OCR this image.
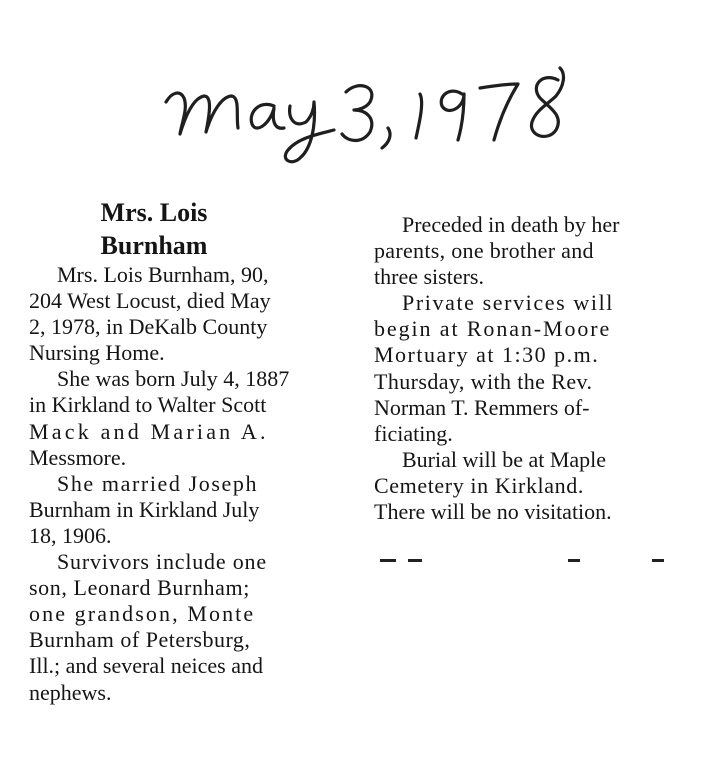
Mrs. Lois
Burnham
Mrs. Lois Burnham, 90,
204 West Locust, died May
2, 1978, in DeKalb County
Nursing Home.
She was born July 4, 1887
in Kirkland to Walter Scott
Mack and Marian A.
Messmore.
She married Joseph
Burnham in Kirkland July
18, 1906.
Survivors include one
son, Leonard Burnham;
one grandson, Monte
Burnham of Petersburg,
Ill.; and several neices and
nephews.
Preceded in death by her
parents, one brother and
three sisters.
Private services will
begin at Ronan-Moore
Mortuary at 1:30 p.m.
Thursday, with the Rev.
Norman T. Remmers of-
ficiating.
Burial will be at Maple
Cemetery in Kirkland.
There will be no visitation.
